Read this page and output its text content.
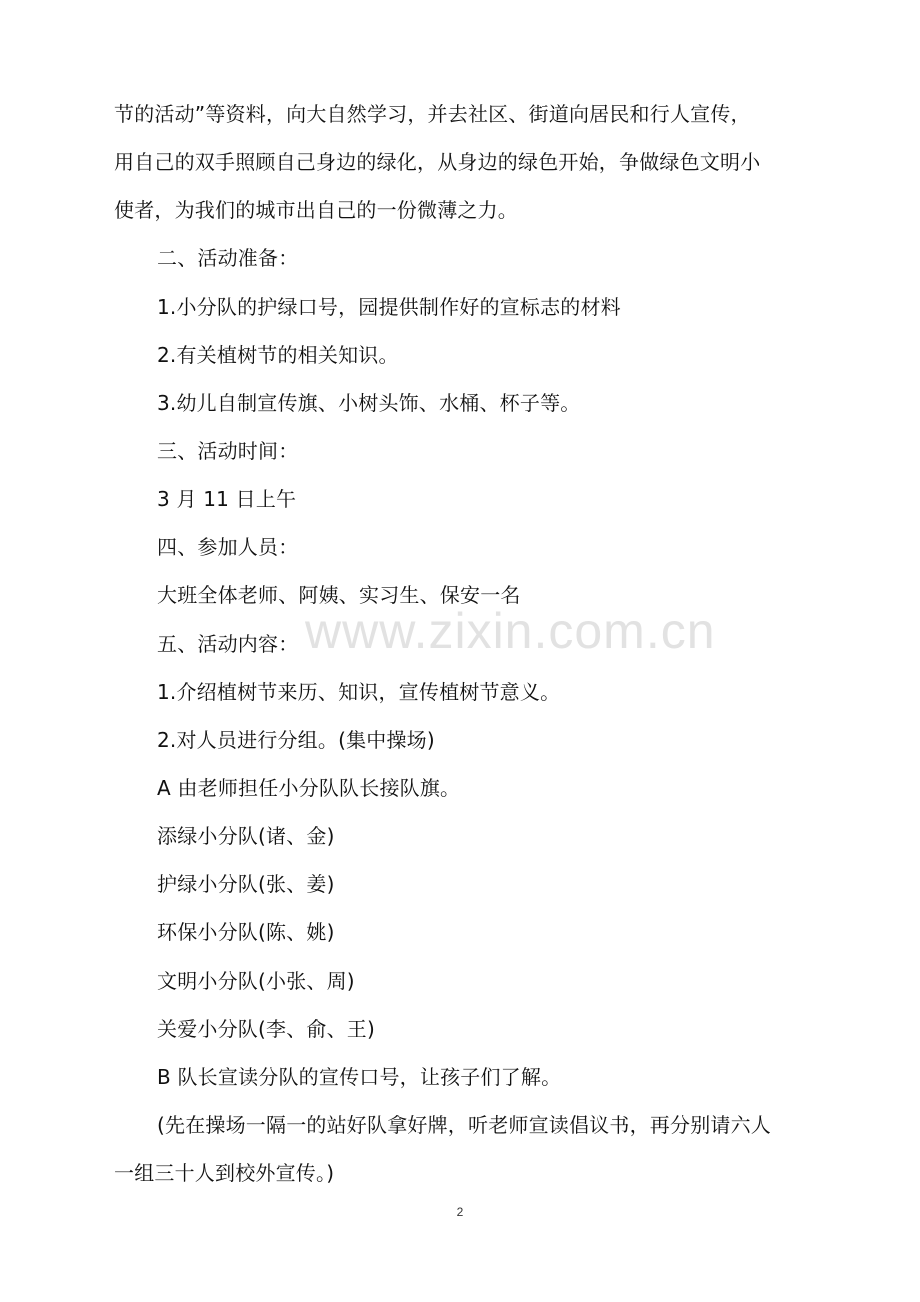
www.zixin.com.cn
节的活动”等资料，向大自然学习，并去社区、街道向居民和行人宣传，
用自己的双手照顾自己身边的绿化，从身边的绿色开始，争做绿色文明小
使者，为我们的城市出自己的一份微薄之力。
二、活动准备：
1.小分队的护绿口号，园提供制作好的宣标志的材料
2.有关植树节的相关知识。
3.幼儿自制宣传旗、小树头饰、水桶、杯子等。
三、活动时间：
3 月 11 日上午
四、参加人员：
大班全体老师、阿姨、实习生、保安一名
五、活动内容：
1.介绍植树节来历、知识，宣传植树节意义。
2.对人员进行分组。(集中操场)
A 由老师担任小分队队长接队旗。
添绿小分队(诸、金)
护绿小分队(张、姜)
环保小分队(陈、姚)
文明小分队(小张、周)
关爱小分队(李、俞、王)
B 队长宣读分队的宣传口号，让孩子们了解。
(先在操场一隔一的站好队拿好牌，听老师宣读倡议书，再分别请六人
一组三十人到校外宣传。)
2
